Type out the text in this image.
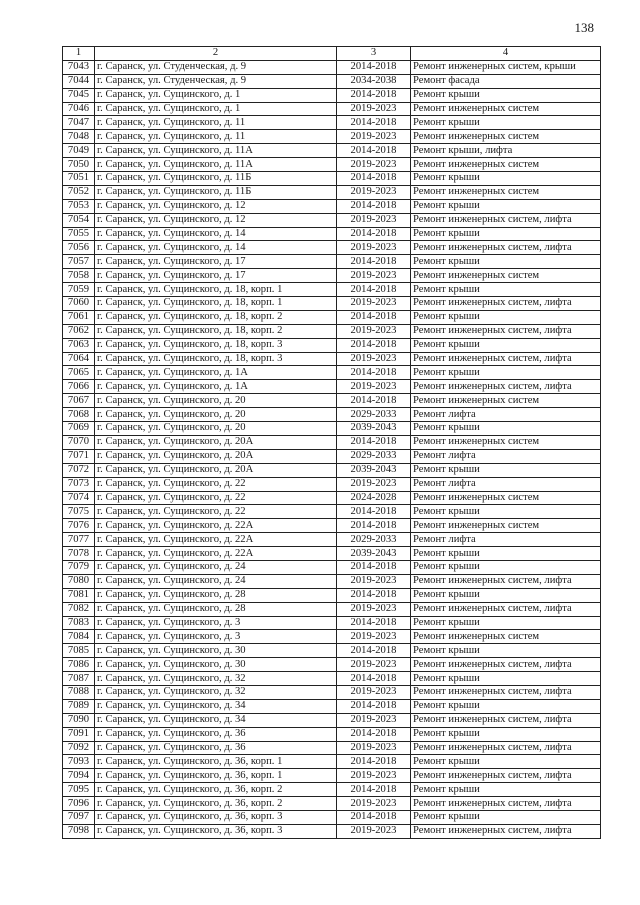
138
1	2	3	4
7043	г. Саранск, ул. Студенческая, д. 9	2014-2018	Ремонт инженерных систем, крыши
7044	г. Саранск, ул. Студенческая, д. 9	2034-2038	Ремонт фасада
7045	г. Саранск, ул. Сущинского, д. 1	2014-2018	Ремонт крыши
7046	г. Саранск, ул. Сущинского, д. 1	2019-2023	Ремонт инженерных систем
7047	г. Саранск, ул. Сущинского, д. 11	2014-2018	Ремонт крыши
7048	г. Саранск, ул. Сущинского, д. 11	2019-2023	Ремонт инженерных систем
7049	г. Саранск, ул. Сущинского, д. 11А	2014-2018	Ремонт крыши, лифта
7050	г. Саранск, ул. Сущинского, д. 11А	2019-2023	Ремонт инженерных систем
7051	г. Саранск, ул. Сущинского, д. 11Б	2014-2018	Ремонт крыши
7052	г. Саранск, ул. Сущинского, д. 11Б	2019-2023	Ремонт инженерных систем
7053	г. Саранск, ул. Сущинского, д. 12	2014-2018	Ремонт крыши
7054	г. Саранск, ул. Сущинского, д. 12	2019-2023	Ремонт инженерных систем, лифта
7055	г. Саранск, ул. Сущинского, д. 14	2014-2018	Ремонт крыши
7056	г. Саранск, ул. Сущинского, д. 14	2019-2023	Ремонт инженерных систем, лифта
7057	г. Саранск, ул. Сущинского, д. 17	2014-2018	Ремонт крыши
7058	г. Саранск, ул. Сущинского, д. 17	2019-2023	Ремонт инженерных систем
7059	г. Саранск, ул. Сущинского, д. 18, корп. 1	2014-2018	Ремонт крыши
7060	г. Саранск, ул. Сущинского, д. 18, корп. 1	2019-2023	Ремонт инженерных систем, лифта
7061	г. Саранск, ул. Сущинского, д. 18, корп. 2	2014-2018	Ремонт крыши
7062	г. Саранск, ул. Сущинского, д. 18, корп. 2	2019-2023	Ремонт инженерных систем, лифта
7063	г. Саранск, ул. Сущинского, д. 18, корп. 3	2014-2018	Ремонт крыши
7064	г. Саранск, ул. Сущинского, д. 18, корп. 3	2019-2023	Ремонт инженерных систем, лифта
7065	г. Саранск, ул. Сущинского, д. 1А	2014-2018	Ремонт крыши
7066	г. Саранск, ул. Сущинского, д. 1А	2019-2023	Ремонт инженерных систем, лифта
7067	г. Саранск, ул. Сущинского, д. 20	2014-2018	Ремонт инженерных систем
7068	г. Саранск, ул. Сущинского, д. 20	2029-2033	Ремонт лифта
7069	г. Саранск, ул. Сущинского, д. 20	2039-2043	Ремонт крыши
7070	г. Саранск, ул. Сущинского, д. 20А	2014-2018	Ремонт инженерных систем
7071	г. Саранск, ул. Сущинского, д. 20А	2029-2033	Ремонт лифта
7072	г. Саранск, ул. Сущинского, д. 20А	2039-2043	Ремонт крыши
7073	г. Саранск, ул. Сущинского, д. 22	2019-2023	Ремонт лифта
7074	г. Саранск, ул. Сущинского, д. 22	2024-2028	Ремонт инженерных систем
7075	г. Саранск, ул. Сущинского, д. 22	2014-2018	Ремонт крыши
7076	г. Саранск, ул. Сущинского, д. 22А	2014-2018	Ремонт инженерных систем
7077	г. Саранск, ул. Сущинского, д. 22А	2029-2033	Ремонт лифта
7078	г. Саранск, ул. Сущинского, д. 22А	2039-2043	Ремонт крыши
7079	г. Саранск, ул. Сущинского, д. 24	2014-2018	Ремонт крыши
7080	г. Саранск, ул. Сущинского, д. 24	2019-2023	Ремонт инженерных систем, лифта
7081	г. Саранск, ул. Сущинского, д. 28	2014-2018	Ремонт крыши
7082	г. Саранск, ул. Сущинского, д. 28	2019-2023	Ремонт инженерных систем, лифта
7083	г. Саранск, ул. Сущинского, д. 3	2014-2018	Ремонт крыши
7084	г. Саранск, ул. Сущинского, д. 3	2019-2023	Ремонт инженерных систем
7085	г. Саранск, ул. Сущинского, д. 30	2014-2018	Ремонт крыши
7086	г. Саранск, ул. Сущинского, д. 30	2019-2023	Ремонт инженерных систем, лифта
7087	г. Саранск, ул. Сущинского, д. 32	2014-2018	Ремонт крыши
7088	г. Саранск, ул. Сущинского, д. 32	2019-2023	Ремонт инженерных систем, лифта
7089	г. Саранск, ул. Сущинского, д. 34	2014-2018	Ремонт крыши
7090	г. Саранск, ул. Сущинского, д. 34	2019-2023	Ремонт инженерных систем, лифта
7091	г. Саранск, ул. Сущинского, д. 36	2014-2018	Ремонт крыши
7092	г. Саранск, ул. Сущинского, д. 36	2019-2023	Ремонт инженерных систем, лифта
7093	г. Саранск, ул. Сущинского, д. 36, корп. 1	2014-2018	Ремонт крыши
7094	г. Саранск, ул. Сущинского, д. 36, корп. 1	2019-2023	Ремонт инженерных систем, лифта
7095	г. Саранск, ул. Сущинского, д. 36, корп. 2	2014-2018	Ремонт крыши
7096	г. Саранск, ул. Сущинского, д. 36, корп. 2	2019-2023	Ремонт инженерных систем, лифта
7097	г. Саранск, ул. Сущинского, д. 36, корп. 3	2014-2018	Ремонт крыши
7098	г. Саранск, ул. Сущинского, д. 36, корп. 3	2019-2023	Ремонт инженерных систем, лифта
